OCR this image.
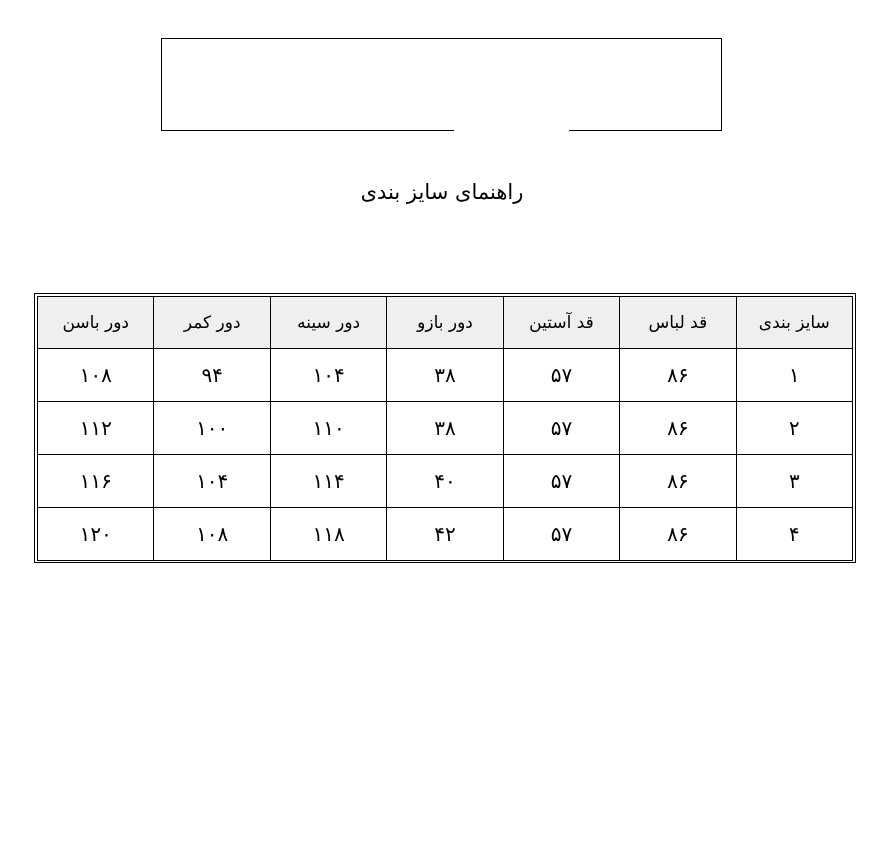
راهنمای سایز بندی
سایز بندی	قد لباس	قد آستین	دور بازو	دور سینه	دور کمر	دور باسن
۱	۸۶	۵۷	۳۸	۱۰۴	۹۴	۱۰۸
۲	۸۶	۵۷	۳۸	۱۱۰	۱۰۰	۱۱۲
۳	۸۶	۵۷	۴۰	۱۱۴	۱۰۴	۱۱۶
۴	۸۶	۵۷	۴۲	۱۱۸	۱۰۸	۱۲۰
